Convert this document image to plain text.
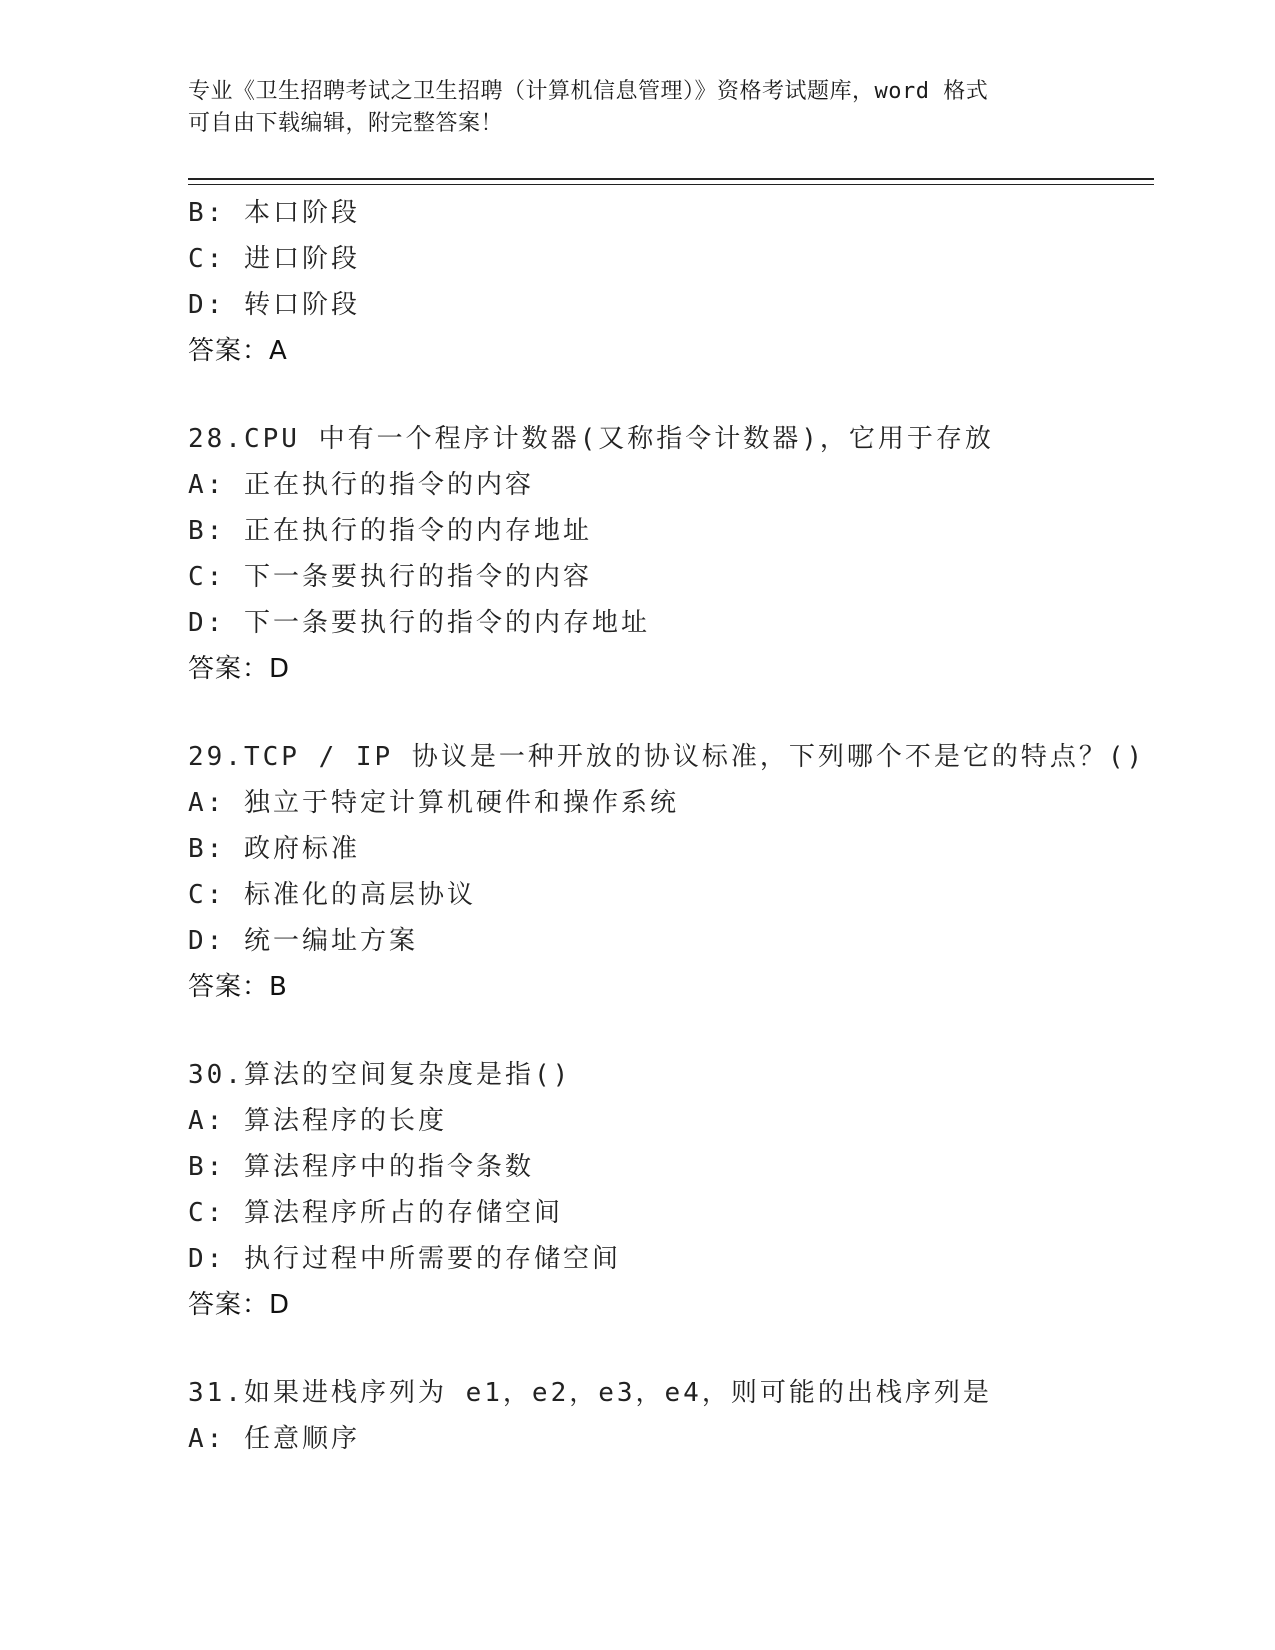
专业《卫生招聘考试之卫生招聘（计算机信息管理）》资格考试题库，word 格式
可自由下载编辑，附完整答案！
B: 本口阶段
C: 进口阶段
D: 转口阶段
答案：A
28.CPU 中有一个程序计数器(又称指令计数器)，它用于存放
A: 正在执行的指令的内容
B: 正在执行的指令的内存地址
C: 下一条要执行的指令的内容
D: 下一条要执行的指令的内存地址
答案：D
29.TCP / IP 协议是一种开放的协议标准，下列哪个不是它的特点？()
A: 独立于特定计算机硬件和操作系统
B: 政府标准
C: 标准化的高层协议
D: 统一编址方案
答案：B
30.算法的空间复杂度是指()
A: 算法程序的长度
B: 算法程序中的指令条数
C: 算法程序所占的存储空间
D: 执行过程中所需要的存储空间
答案：D
31.如果进栈序列为 e1，e2，e3，e4，则可能的出栈序列是
A: 任意顺序
